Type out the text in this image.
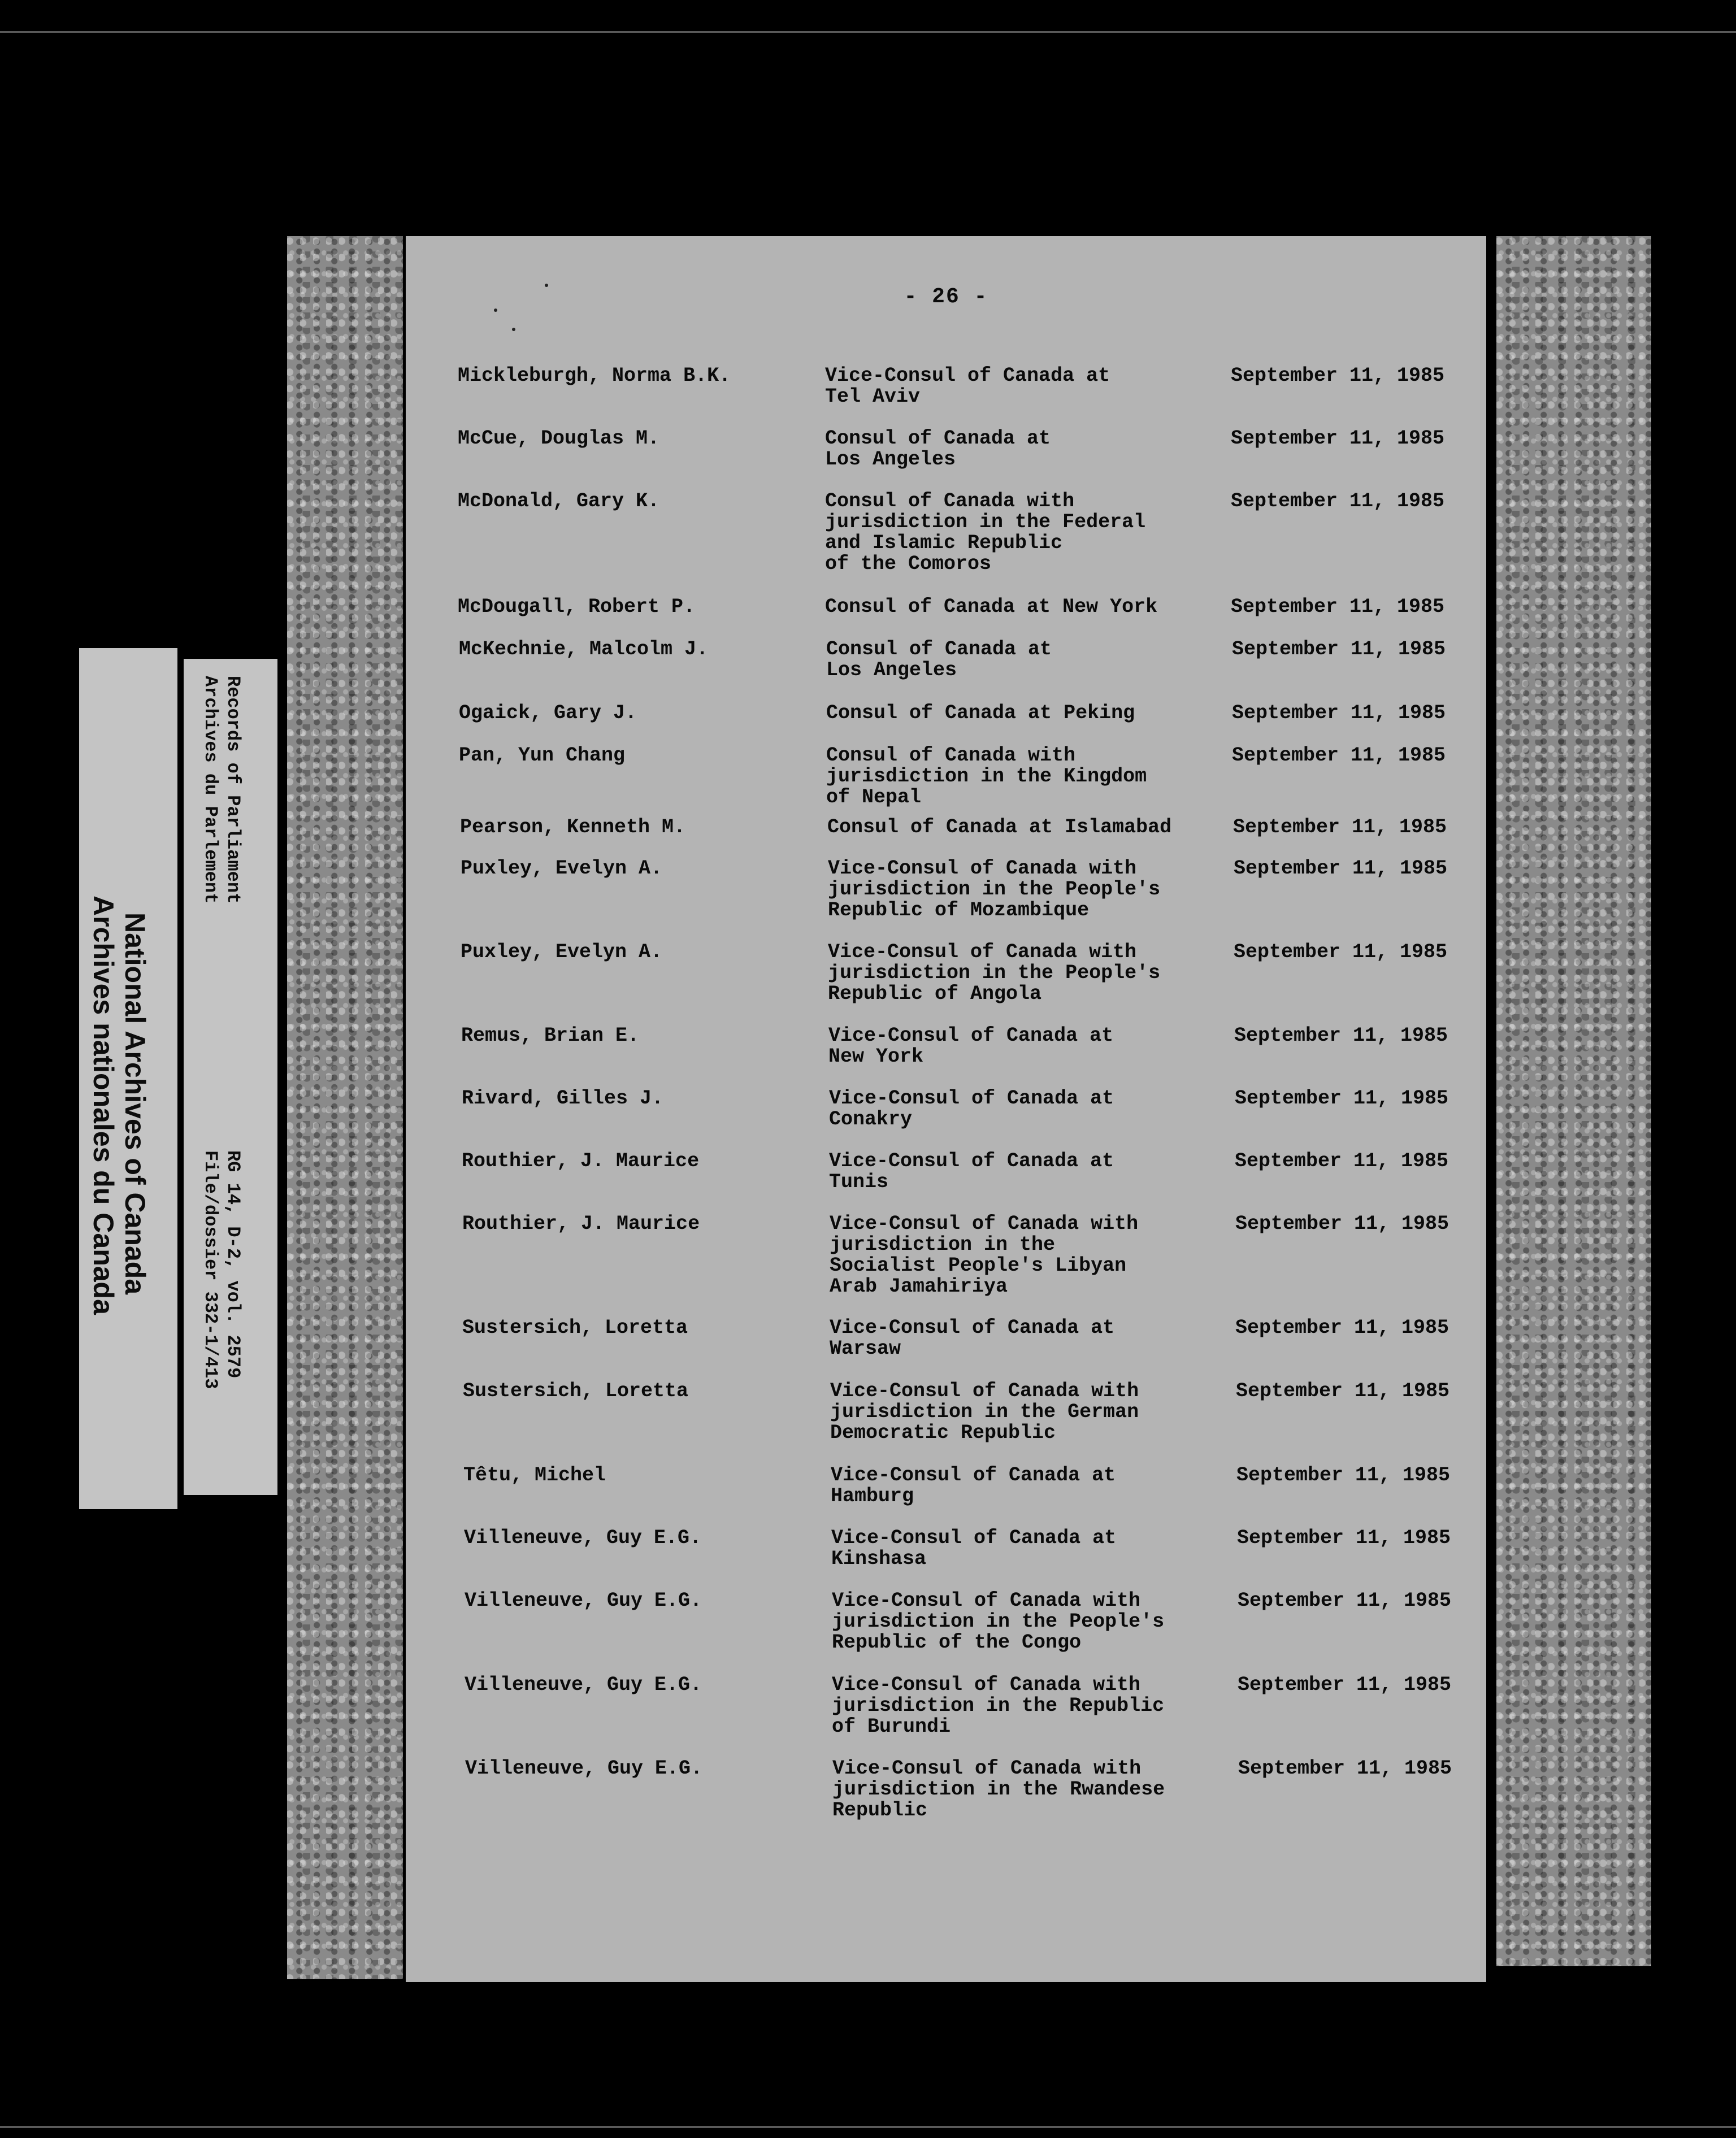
- 26 -
Mickleburgh, Norma B.K.	Vice-Consul of Canada at
Tel Aviv
September 11, 1985
McCue, Douglas M.	Consul of Canada at
Los Angeles
September 11, 1985
McDonald, Gary K.	Consul of Canada with
jurisdiction in the Federal
and Islamic Republic
of the Comoros
September 11, 1985
McDougall, Robert P.	Consul of Canada at New York	September 11, 1985
McKechnie, Malcolm J.	Consul of Canada at
Los Angeles
September 11, 1985
Ogaick, Gary J.	Consul of Canada at Peking	September 11, 1985
Pan, Yun Chang	Consul of Canada with
jurisdiction in the Kingdom
of Nepal
September 11, 1985
Pearson, Kenneth M.	Consul of Canada at Islamabad	September 11, 1985
Puxley, Evelyn A.	Vice-Consul of Canada with
jurisdiction in the People's
Republic of Mozambique
September 11, 1985
Puxley, Evelyn A.	Vice-Consul of Canada with
jurisdiction in the People's
Republic of Angola
September 11, 1985
Remus, Brian E.	Vice-Consul of Canada at
New York
September 11, 1985
Rivard, Gilles J.	Vice-Consul of Canada at
Conakry
September 11, 1985
Routhier, J. Maurice	Vice-Consul of Canada at
Tunis
September 11, 1985
Routhier, J. Maurice	Vice-Consul of Canada with
jurisdiction in the
Socialist People's Libyan
Arab Jamahiriya
September 11, 1985
Sustersich, Loretta	Vice-Consul of Canada at
Warsaw
September 11, 1985
Sustersich, Loretta	Vice-Consul of Canada with
jurisdiction in the German
Democratic Republic
September 11, 1985
Têtu, Michel	Vice-Consul of Canada at
Hamburg
September 11, 1985
Villeneuve, Guy E.G.	Vice-Consul of Canada at
Kinshasa
September 11, 1985
Villeneuve, Guy E.G.	Vice-Consul of Canada with
jurisdiction in the People's
Republic of the Congo
September 11, 1985
Villeneuve, Guy E.G.	Vice-Consul of Canada with
jurisdiction in the Republic
of Burundi
September 11, 1985
Villeneuve, Guy E.G.	Vice-Consul of Canada with
jurisdiction in the Rwandese
Republic
September 11, 1985
National Archives of Canada
Archives nationales du Canada
Records of Parliament
Archives du Parlement
RG 14, D-2, vol. 2579
File/dossier 332-1/413
